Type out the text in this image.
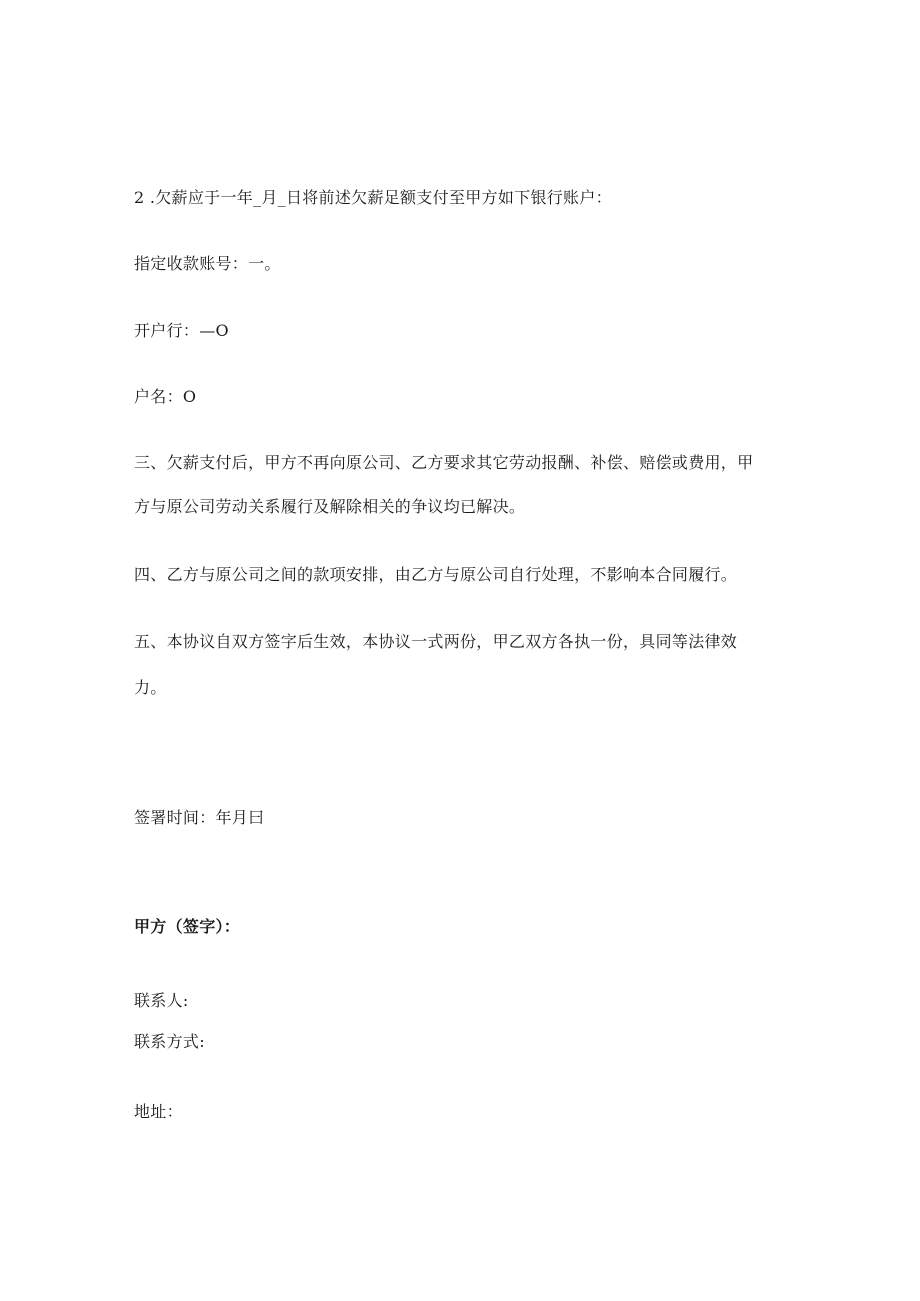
2 .欠薪应于一年_月_日将前述欠薪足额支付至甲方如下银行账户：
指定收款账号：一。
开户行：—O
户名：O
三、欠薪支付后，甲方不再向原公司、乙方要求其它劳动报酬、补偿、赔偿或费用，甲
方与原公司劳动关系履行及解除相关的争议均已解决。
四、乙方与原公司之间的款项安排，由乙方与原公司自行处理，不影响本合同履行。
五、本协议自双方签字后生效，本协议一式两份，甲乙双方各执一份，具同等法律效
力。
签署时间：年月曰
甲方（签字）：
联系人:
联系方式:
地址：
